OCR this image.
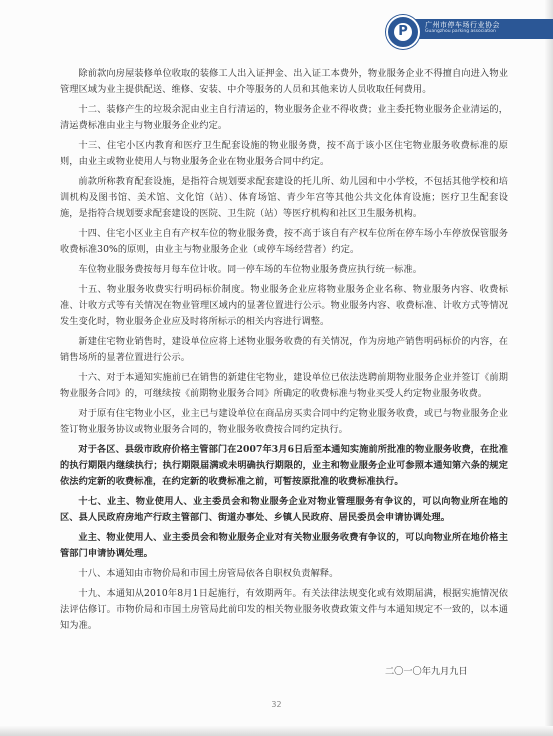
P	广州市停车场行业协会
Guangzhou parking association

除前款向房屋装修单位收取的装修工人出入证押金、出入证工本费外，物业服务企业不得擅自向进入物业管理区域为业主提供配送、维修、安装、中介等服务的人员和其他来访人员收取任何费用。

十二、装修产生的垃圾余泥由业主自行清运的，物业服务企业不得收费；业主委托物业服务企业清运的，清运费标准由业主与物业服务企业约定。

十三、住宅小区内教育和医疗卫生配套设施的物业服务费，按不高于该小区住宅物业服务收费标准的原则，由业主或物业使用人与物业服务企业在物业服务合同中约定。

前款所称教育配套设施，是指符合规划要求配套建设的托儿所、幼儿园和中小学校，不包括其他学校和培训机构及图书馆、美术馆、文化馆（站）、体育场馆、青少年宫等其他公共文化体育设施；医疗卫生配套设施，是指符合规划要求配套建设的医院、卫生院（站）等医疗机构和社区卫生服务机构。

十四、住宅小区业主自有产权车位的物业服务费，按不高于该自有产权车位所在停车场小车停放保管服务收费标准30%的原则，由业主与物业服务企业（或停车场经营者）约定。

车位物业服务费按每月每车位计收。同一停车场的车位物业服务费应执行统一标准。

十五、物业服务收费实行明码标价制度。物业服务企业应将物业服务企业名称、物业服务内容、收费标准、计收方式等有关情况在物业管理区域内的显著位置进行公示。物业服务内容、收费标准、计收方式等情况发生变化时，物业服务企业应及时将所标示的相关内容进行调整。

新建住宅物业销售时，建设单位应将上述物业服务收费的有关情况，作为房地产销售明码标价的内容，在销售场所的显著位置进行公示。

十六、对于本通知实施前已在销售的新建住宅物业，建设单位已依法选聘前期物业服务企业并签订《前期物业服务合同》的，可继续按《前期物业服务合同》所确定的收费标准与物业买受人约定物业服务收费。

对于原有住宅物业小区，业主已与建设单位在商品房买卖合同中约定物业服务收费，或已与物业服务企业签订物业服务协议或物业服务合同的，物业服务收费按合同约定执行。

对于各区、县级市政府价格主管部门在2007年3月6日后至本通知实施前所批准的物业服务收费，在批准的执行期限内继续执行；执行期限届满或未明确执行期限的，业主和物业服务企业可参照本通知第六条的规定依法约定新的收费标准，在约定新的收费标准之前，可暂按原批准的收费标准执行。

十七、业主、物业使用人、业主委员会和物业服务企业对物业管理服务有争议的，可以向物业所在地的区、县人民政府房地产行政主管部门、街道办事处、乡镇人民政府、居民委员会申请协调处理。

业主、物业使用人、业主委员会和物业服务企业对有关物业服务收费有争议的，可以向物业所在地价格主管部门申请协调处理。

十八、本通知由市物价局和市国土房管局依各自职权负责解释。

十九、本通知从2010年8月1日起施行，有效期两年。有关法律法规变化或有效期届满，根据实施情况依法评估修订。市物价局和市国土房管局此前印发的相关物业服务收费政策文件与本通知规定不一致的，以本通知为准。

二〇一〇年九月九日
32
